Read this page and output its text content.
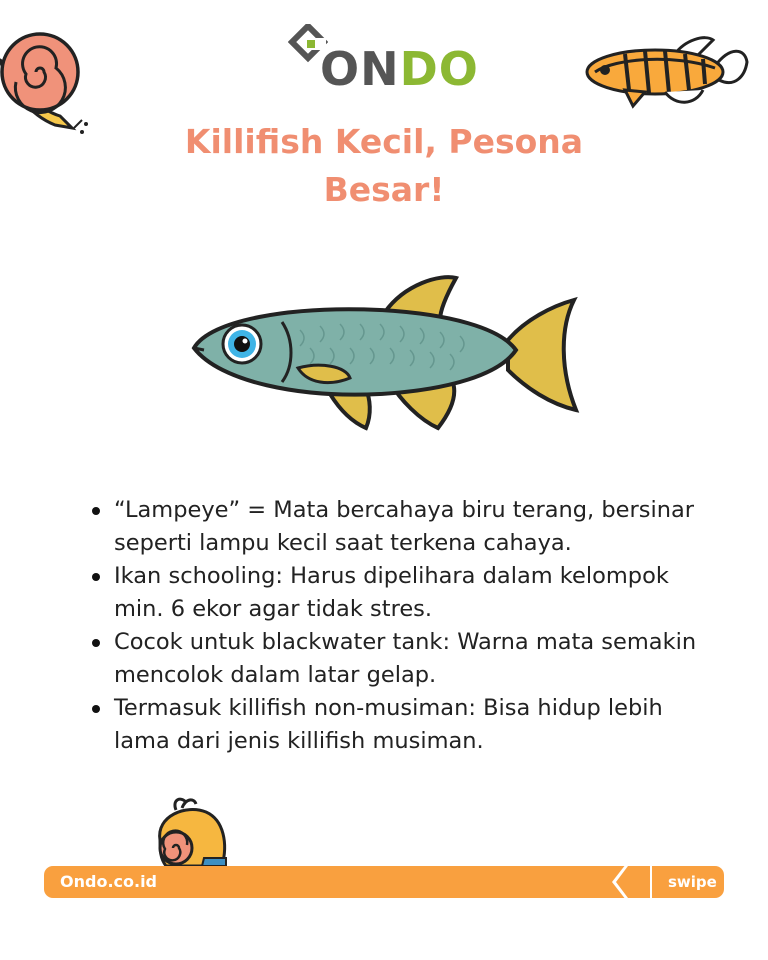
ONDO
Killifish Kecil, Pesona
Besar!
“Lampeye” = Mata bercahaya biru terang, bersinar seperti lampu kecil saat terkena cahaya.
Ikan schooling: Harus dipelihara dalam kelompok min. 6 ekor agar tidak stres.
Cocok untuk blackwater tank: Warna mata semakin mencolok dalam latar gelap.
Termasuk killifish non-musiman: Bisa hidup lebih lama dari jenis killifish musiman.
Ondo.co.id	swipe
